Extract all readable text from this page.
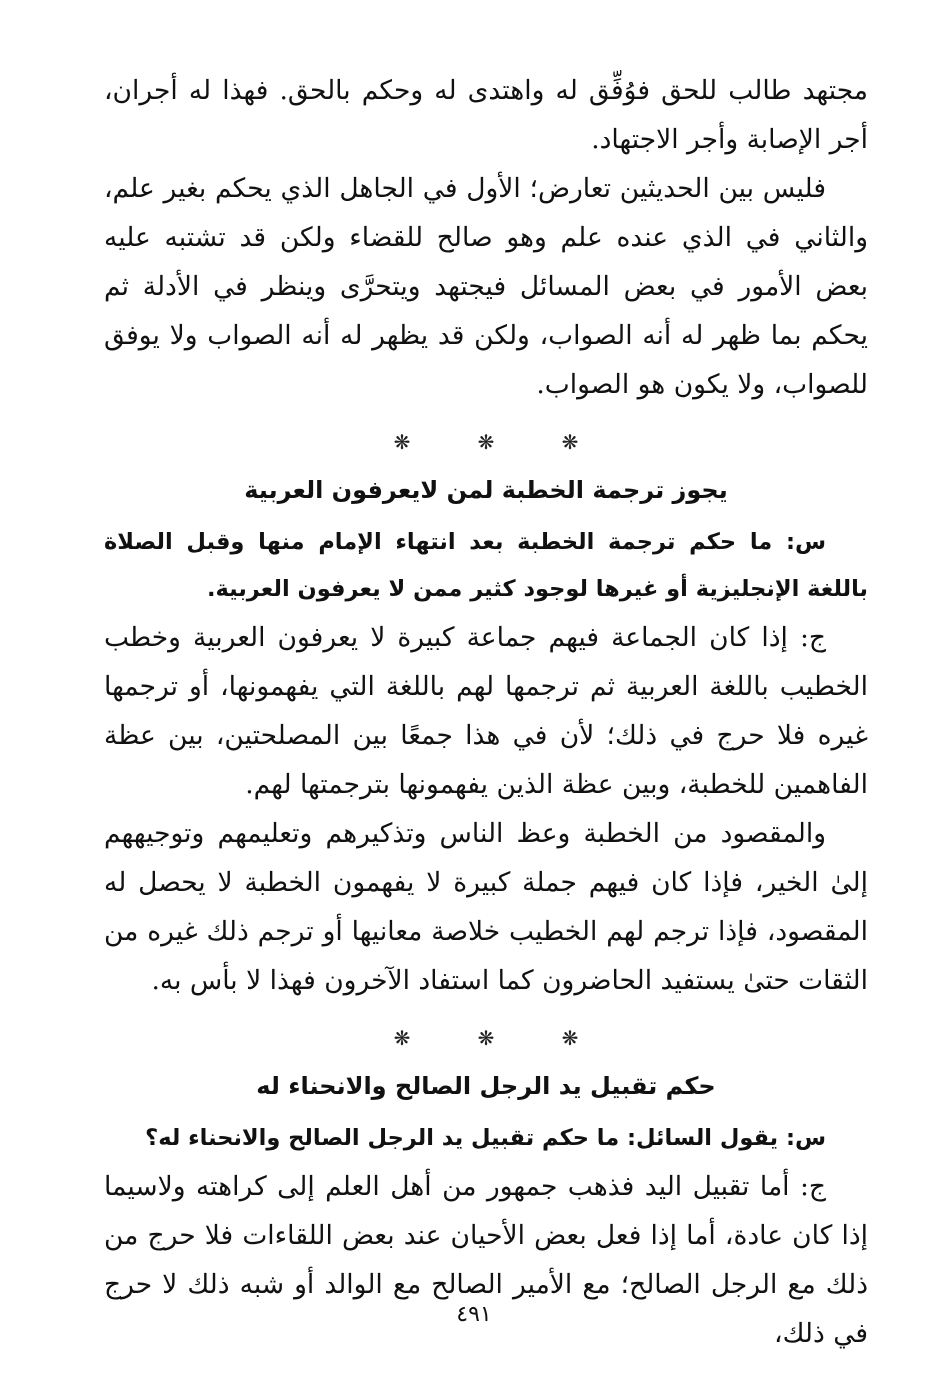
مجتهد طالب للحق فوُفِّق له واهتدى له وحكم بالحق. فهذا له أجران، أجر الإصابة وأجر الاجتهاد.

فليس بين الحديثين تعارض؛ الأول في الجاهل الذي يحكم بغير علم، والثاني في الذي عنده علم وهو صالح للقضاء ولكن قد تشتبه عليه بعض الأمور في بعض المسائل فيجتهد ويتحرَّى وينظر في الأدلة ثم يحكم بما ظهر له أنه الصواب، ولكن قد يظهر له أنه الصواب ولا يوفق للصواب، ولا يكون هو الصواب.

❋
❋
❋
يجوز ترجمة الخطبة لمن لايعرفون العربية

س: ما حكم ترجمة الخطبة بعد انتهاء الإمام منها وقبل الصلاة باللغة الإنجليزية أو غيرها لوجود كثير ممن لا يعرفون العربية.

ج: إذا كان الجماعة فيهم جماعة كبيرة لا يعرفون العربية وخطب الخطيب باللغة العربية ثم ترجمها لهم باللغة التي يفهمونها، أو ترجمها غيره فلا حرج في ذلك؛ لأن في هذا جمعًا بين المصلحتين، بين عظة الفاهمين للخطبة، وبين عظة الذين يفهمونها بترجمتها لهم.

والمقصود من الخطبة وعظ الناس وتذكيرهم وتعليمهم وتوجيههم إلىٰ الخير، فإذا كان فيهم جملة كبيرة لا يفهمون الخطبة لا يحصل له المقصود، فإذا ترجم لهم الخطيب خلاصة معانيها أو ترجم ذلك غيره من الثقات حتىٰ يستفيد الحاضرون كما استفاد الآخرون فهذا لا بأس به.

❋
❋
❋
حكم تقبيل يد الرجل الصالح والانحناء له

س: يقول السائل: ما حكم تقبيل يد الرجل الصالح والانحناء له؟

ج: أما تقبيل اليد فذهب جمهور من أهل العلم إلى كراهته ولاسيما إذا كان عادة، أما إذا فعل بعض الأحيان عند بعض اللقاءات فلا حرج من ذلك مع الرجل الصالح؛ مع الأمير الصالح مع الوالد أو شبه ذلك لا حرج في ذلك،

٤٩١
